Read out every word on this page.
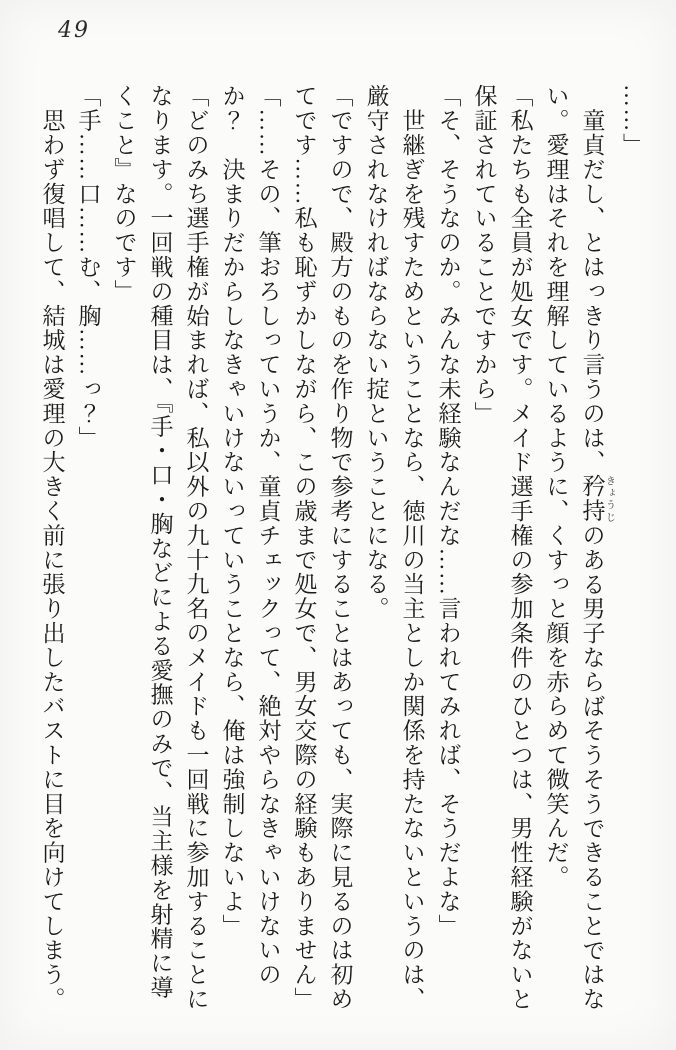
49

……」

　童貞だし、とはっきり言うのは、矜持 きょうじのある男子ならばそうそうできることではな

い。愛理はそれを理解しているように、くすっと顔を赤らめて微笑んだ。

「私たちも全員が処女です。メイド選手権の参加条件のひとつは、男性経験がないと

保証されていることですから」

「そ、そうなのか。みんな未経験なんだな……言われてみれば、そうだよな」

　世継ぎを残すためということなら、徳川の当主としか関係を持たないというのは、

厳守されなければならない掟ということになる。

「ですので、殿方のものを作り物で参考にすることはあっても、実際に見るのは初め

てです……私も恥ずかしながら、この歳まで処女で、男女交際の経験もありません」

「……その、筆おろしっていうか、童貞チェックって、絶対やらなきゃいけないの

か？　決まりだからしなきゃいけないっていうことなら、俺は強制しないよ」

「どのみち選手権が始まれば、私以外の九十九名のメイドも一回戦に参加することに

なります。一回戦の種目は、『手・口・胸などによる愛撫のみで、当主様を射精に導

くこと』なのです」

「手……口……む、胸……っ？」

　思わず復唱して、結城は愛理の大きく前に張り出したバストに目を向けてしまう。
